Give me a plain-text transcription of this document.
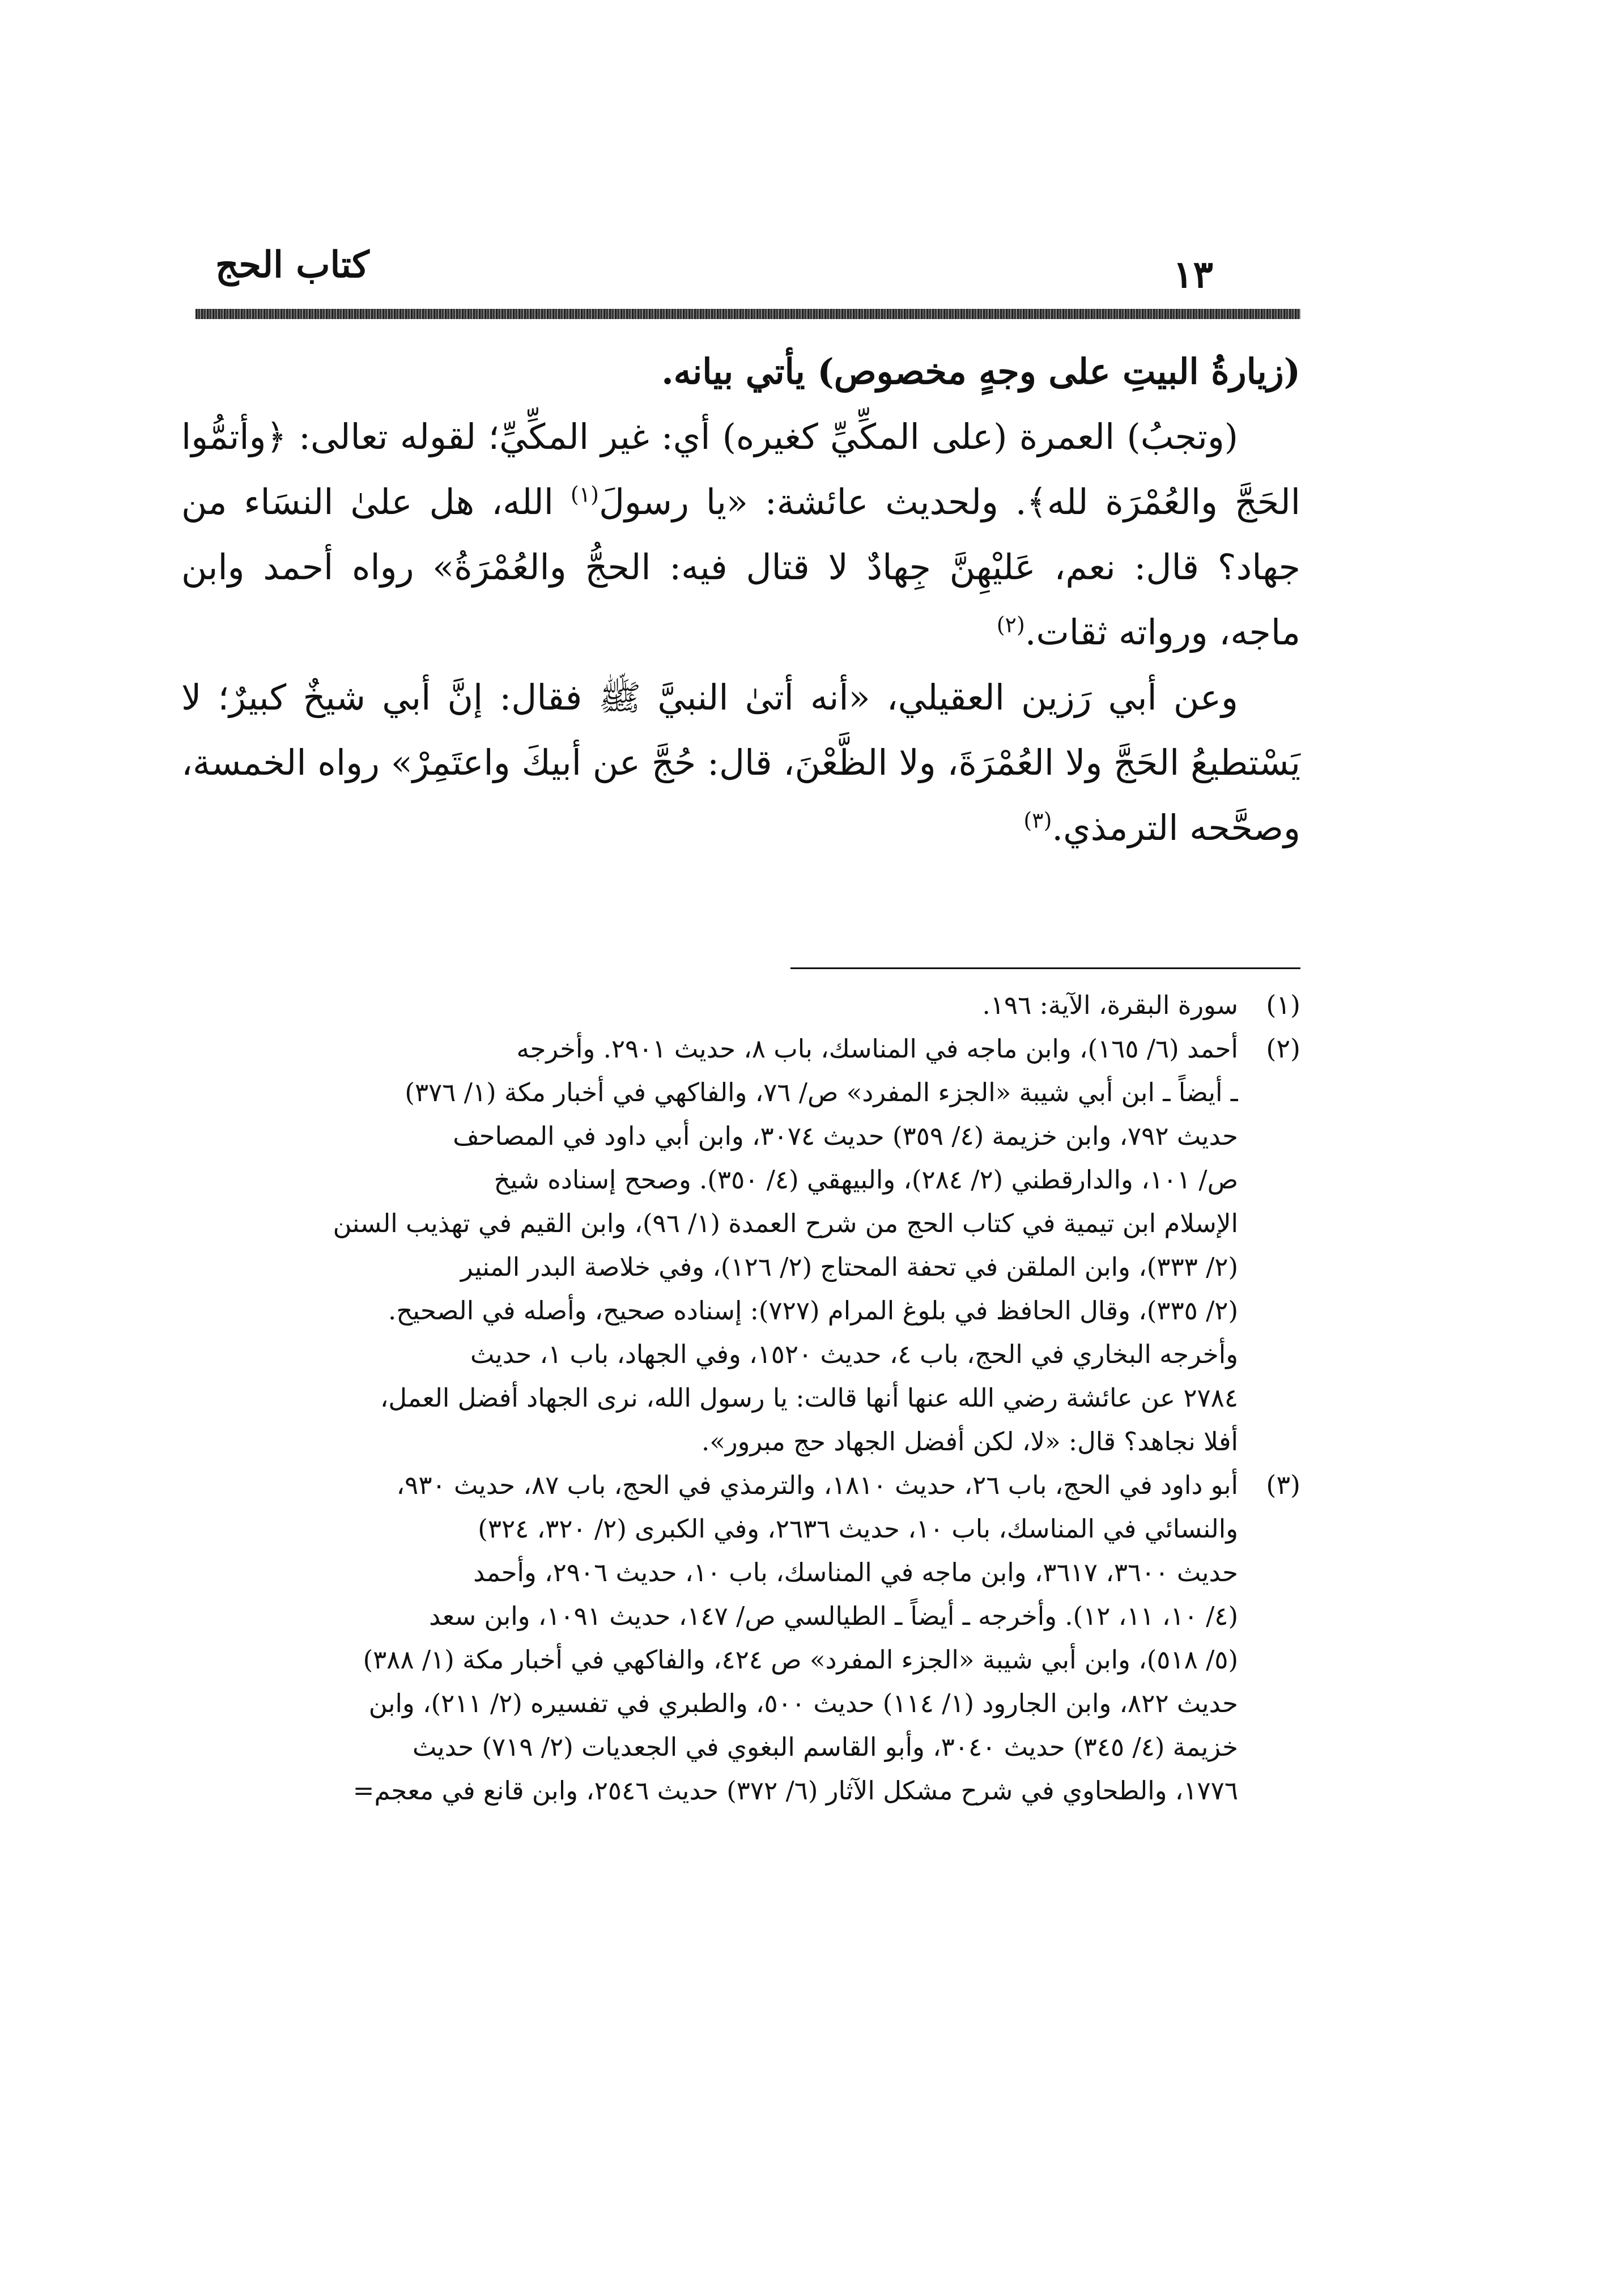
كتاب الحج	١٣

(زيارةُ البيتِ على وجهٍ مخصوص) يأتي بيانه.

(وتجبُ) العمرة (على المكِّيِّ كغيره) أي: غير المكِّيِّ؛ لقوله تعالى: ﴿وأتمُّوا الحَجَّ والعُمْرَة لله﴾. ولحديث عائشة: «يا رسولَ$^{(١)}$ الله، هل علىٰ النسَاء من جهاد؟ قال: نعم، عَليْهِنَّ جِهادٌ لا قتال فيه: الحجُّ والعُمْرَةُ» رواه أحمد وابن ماجه، ورواته ثقات.$^{(٢)}$

وعن أبي رَزين العقيلي، «أنه أتىٰ النبيَّ ﷺ فقال: إنَّ أبي شيخٌ كبيرٌ؛ لا يَسْتطيعُ الحَجَّ ولا العُمْرَةَ، ولا الظَّعْنَ، قال: حُجَّ عن أبيكَ واعتَمِرْ» رواه الخمسة، وصحَّحه الترمذي.$^{(٣)}$

(١)
سورة البقرة، الآية: ١٩٦.
(٢)
أحمد (٦/ ١٦٥)، وابن ماجه في المناسك، باب ٨، حديث ٢٩٠١. وأخرجه
ـ أيضاً ـ ابن أبي شيبة «الجزء المفرد» ص/ ٧٦، والفاكهي في أخبار مكة (١/ ٣٧٦)
حديث ٧٩٢، وابن خزيمة (٤/ ٣٥٩) حديث ٣٠٧٤، وابن أبي داود في المصاحف
ص/ ١٠١، والدارقطني (٢/ ٢٨٤)، والبيهقي (٤/ ٣٥٠). وصحح إسناده شيخ
الإسلام ابن تيمية في كتاب الحج من شرح العمدة (١/ ٩٦)، وابن القيم في تهذيب السنن
(٢/ ٣٣٣)، وابن الملقن في تحفة المحتاج (٢/ ١٢٦)، وفي خلاصة البدر المنير
(٢/ ٣٣٥)، وقال الحافظ في بلوغ المرام (٧٢٧): إسناده صحيح، وأصله في الصحيح.
وأخرجه البخاري في الحج، باب ٤، حديث ١٥٢٠، وفي الجهاد، باب ١، حديث
٢٧٨٤ عن عائشة رضي الله عنها أنها قالت: يا رسول الله، نرى الجهاد أفضل العمل،
أفلا نجاهد؟ قال: «لا، لكن أفضل الجهاد حج مبرور».
(٣)
أبو داود في الحج، باب ٢٦، حديث ١٨١٠، والترمذي في الحج، باب ٨٧، حديث ٩٣٠،
والنسائي في المناسك، باب ١٠، حديث ٢٦٣٦، وفي الكبرى (٢/ ٣٢٠، ٣٢٤)
حديث ٣٦٠٠، ٣٦١٧، وابن ماجه في المناسك، باب ١٠، حديث ٢٩٠٦، وأحمد
(٤/ ١٠، ١١، ١٢). وأخرجه ـ أيضاً ـ الطيالسي ص/ ١٤٧، حديث ١٠٩١، وابن سعد
(٥/ ٥١٨)، وابن أبي شيبة «الجزء المفرد» ص ٤٢٤، والفاكهي في أخبار مكة (١/ ٣٨٨)
حديث ٨٢٢، وابن الجارود (١/ ١١٤) حديث ٥٠٠، والطبري في تفسيره (٢/ ٢١١)، وابن
خزيمة (٤/ ٣٤٥) حديث ٣٠٤٠، وأبو القاسم البغوي في الجعديات (٢/ ٧١٩) حديث
١٧٧٦، والطحاوي في شرح مشكل الآثار (٦/ ٣٧٢) حديث ٢٥٤٦، وابن قانع في معجم=
